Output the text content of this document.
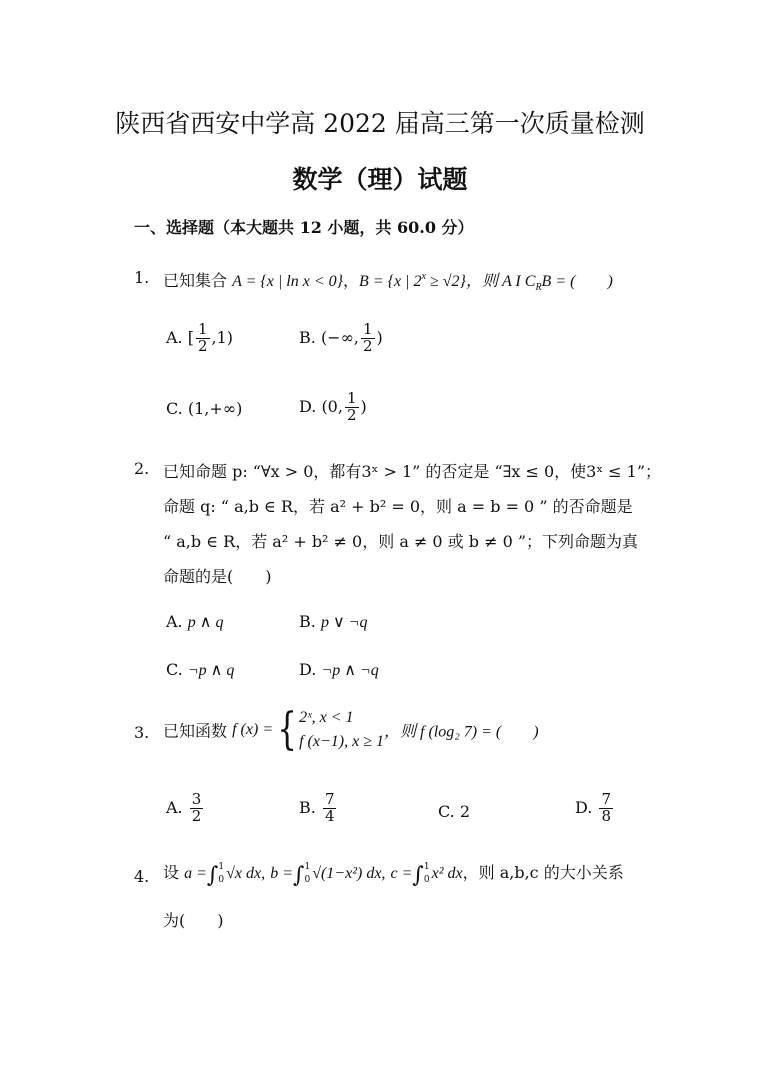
陕西省西安中学高 2022 届高三第一次质量检测
数学（理）试题
一、选择题（本大题共 12 小题，共 60.0 分）
1. 已知集合 A = {x | ln x < 0}，B = {x | $2^x \ge √2$}，则 A I $C_RB$ = (　　)
A. [ $\frac{1}{2} ,1$)	B. (−∞, $\frac{1}{2}$ )
C. (1,+∞)	D. (0, $\frac{1}{2}$ )
2. 已知命题 p: “∀x > 0，都有3ˣ > 1” 的否定是 “∃x ≤ 0，使3ˣ ≤ 1”；
命题 q: “ a,b ∈ R，若 a² + b² = 0，则 a = b = 0 ” 的否命题是
“ a,b ∈ R，若 a² + b² ≠ 0，则 a ≠ 0 或 b ≠ 0 ”；下列命题为真
命题的是(　　)
A. p ∧ q	B. p ∨ ¬q
C. ¬p ∧ q	D. ¬p ∧ ¬q
3. 已知函数 f (x) ={ 2ˣ, x < 1
f (x−1), x ≥ 1
，则 f (log₂ 7) = (　　)
A. $\frac{3}{2}$	B. $\frac{7}{4}$	C. 2	D. $\frac{7}{8}$
4. 设 a =∫ 1
0 √x dx, b =∫ 1
0 √(1−x²) dx, c =∫ 1
0 x² dx，则 a,b,c 的大小关系
为(　　)
